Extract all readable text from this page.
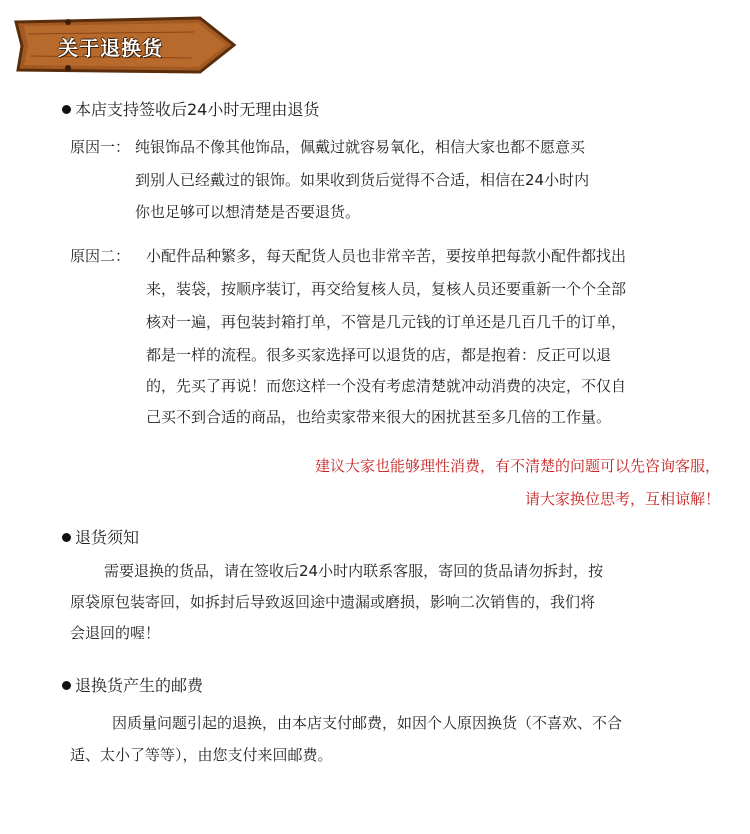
关于退换货
本店支持签收后24小时无理由退货
原因一： 纯银饰品不像其他饰品，佩戴过就容易氧化，相信大家也都不愿意买
到别人已经戴过的银饰。如果收到货后觉得不合适，相信在24小时内
你也足够可以想清楚是否要退货。
原因二： 小配件品种繁多，每天配货人员也非常辛苦，要按单把每款小配件都找出
来，装袋，按顺序装订，再交给复核人员，复核人员还要重新一个个全部
核对一遍，再包装封箱打单，不管是几元钱的订单还是几百几千的订单，
都是一样的流程。很多买家选择可以退货的店，都是抱着：反正可以退
的，先买了再说！而您这样一个没有考虑清楚就冲动消费的决定，不仅自
己买不到合适的商品，也给卖家带来很大的困扰甚至多几倍的工作量。
建议大家也能够理性消费，有不清楚的问题可以先咨询客服，
请大家换位思考，互相谅解！
退货须知
需要退换的货品，请在签收后24小时内联系客服，寄回的货品请勿拆封，按
原袋原包装寄回，如拆封后导致返回途中遗漏或磨损，影响二次销售的，我们将
会退回的喔！
退换货产生的邮费
因质量问题引起的退换，由本店支付邮费，如因个人原因换货（不喜欢、不合
适、太小了等等），由您支付来回邮费。
